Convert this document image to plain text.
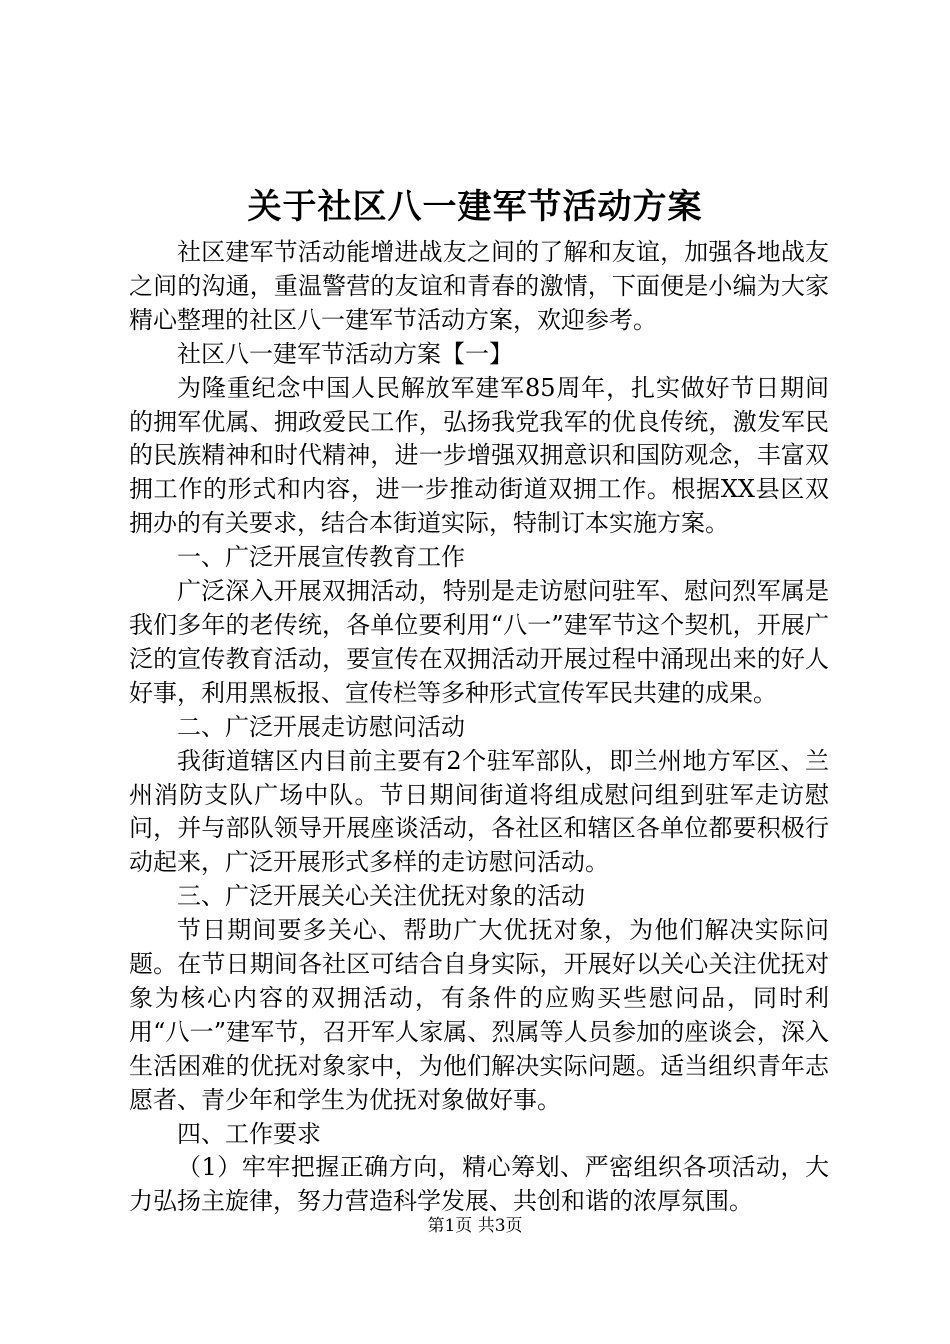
关于社区八一建军节活动方案

社区建军节活动能增进战友之间的了解和友谊，加强各地战友之间的沟通，重温警营的友谊和青春的激情，下面便是小编为大家精心整理的社区八一建军节活动方案，欢迎参考。

社区八一建军节活动方案【一】

为隆重纪念中国人民解放军建军85周年，扎实做好节日期间的拥军优属、拥政爱民工作，弘扬我党我军的优良传统，激发军民的民族精神和时代精神，进一步增强双拥意识和国防观念，丰富双拥工作的形式和内容，进一步推动街道双拥工作。根据XX县区双拥办的有关要求，结合本街道实际，特制订本实施方案。

一、广泛开展宣传教育工作

广泛深入开展双拥活动，特别是走访慰问驻军、慰问烈军属是我们多年的老传统，各单位要利用“八一”建军节这个契机，开展广泛的宣传教育活动，要宣传在双拥活动开展过程中涌现出来的好人好事，利用黑板报、宣传栏等多种形式宣传军民共建的成果。

二、广泛开展走访慰问活动

我街道辖区内目前主要有2个驻军部队，即兰州地方军区、兰州消防支队广场中队。节日期间街道将组成慰问组到驻军走访慰问，并与部队领导开展座谈活动，各社区和辖区各单位都要积极行动起来，广泛开展形式多样的走访慰问活动。

三、广泛开展关心关注优抚对象的活动

节日期间要多关心、帮助广大优抚对象，为他们解决实际问题。在节日期间各社区可结合自身实际，开展好以关心关注优抚对象为核心内容的双拥活动，有条件的应购买些慰问品，同时利用“八一”建军节，召开军人家属、烈属等人员参加的座谈会，深入生活困难的优抚对象家中，为他们解决实际问题。适当组织青年志愿者、青少年和学生为优抚对象做好事。

四、工作要求

（1）牢牢把握正确方向，精心筹划、严密组织各项活动，大力弘扬主旋律，努力营造科学发展、共创和谐的浓厚氛围。

第1页 共3页
